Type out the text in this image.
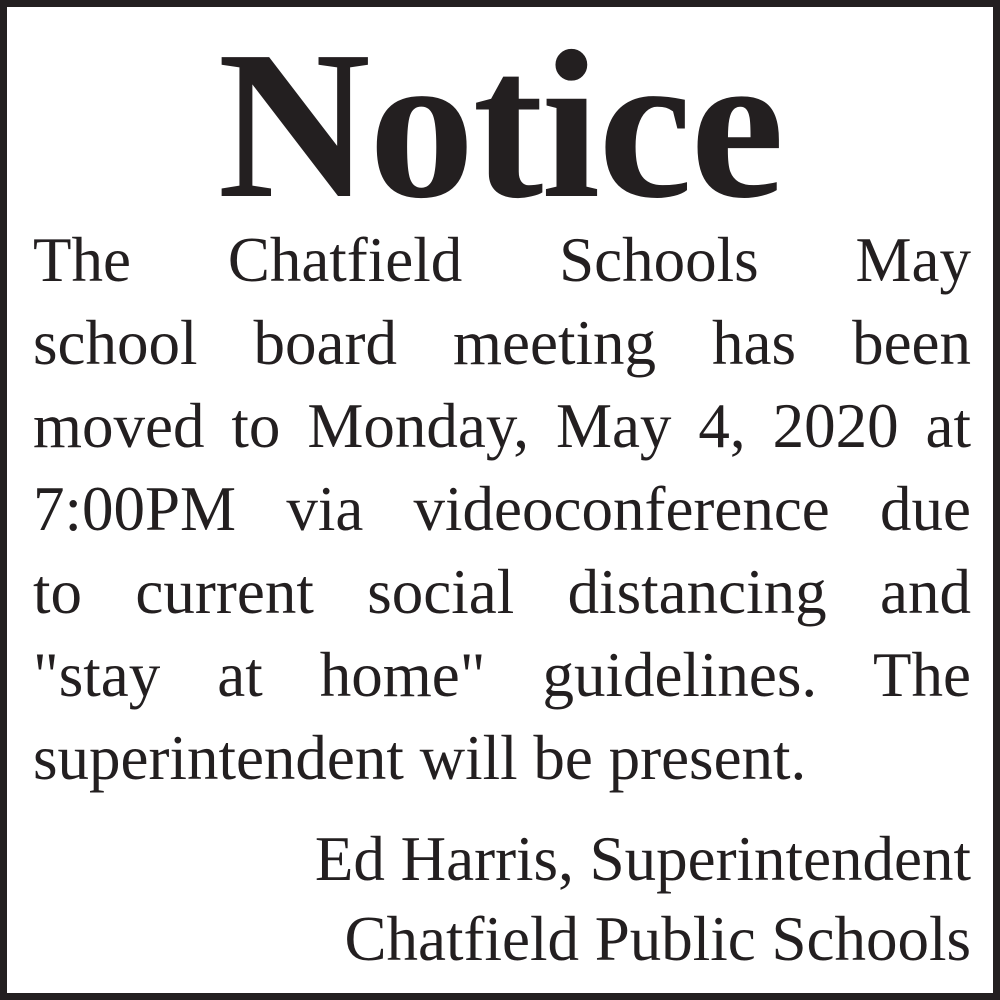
Notice
The Chatfield Schools May
school board meeting has been
moved to Monday, May 4, 2020 at
7:00PM via videoconference due
to current social distancing and
"stay at home" guidelines. The
superintendent will be present.
Ed Harris, Superintendent
Chatfield Public Schools
